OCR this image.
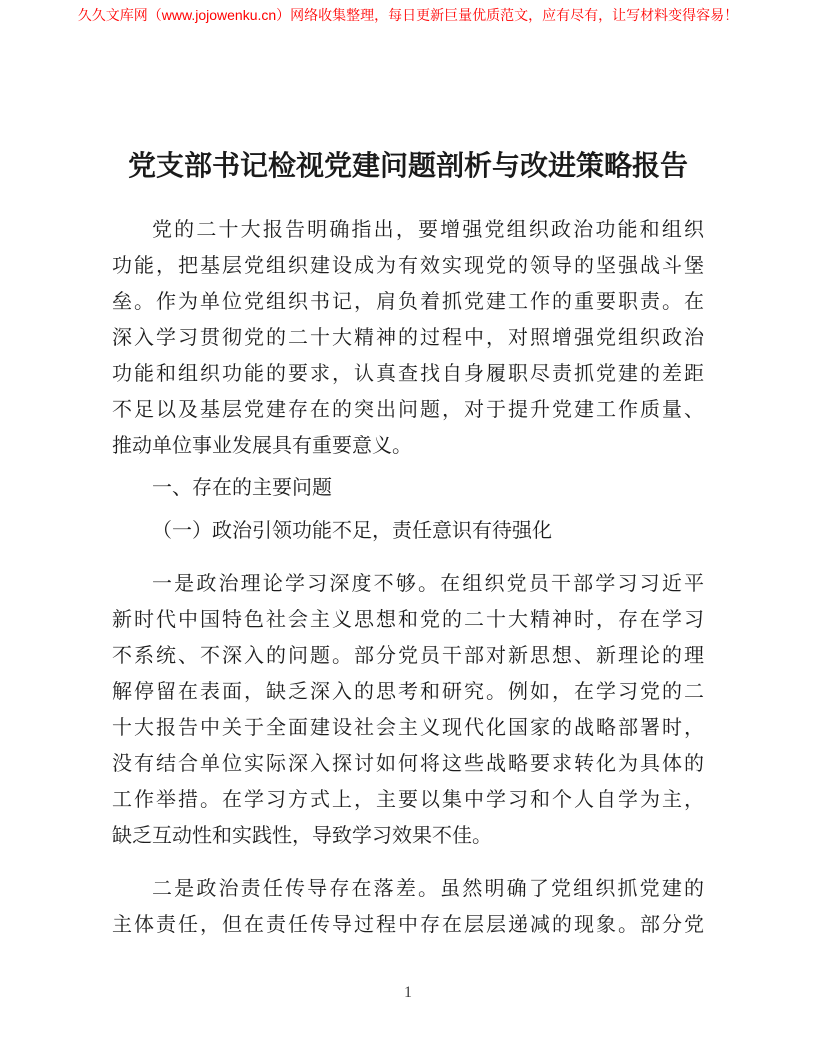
久久文库网（www.jojowenku.cn）网络收集整理，每日更新巨量优质范文，应有尽有，让写材料变得容易！
党支部书记检视党建问题剖析与改进策略报告
党的二十大报告明确指出，要增强党组织政治功能和组织
功能，把基层党组织建设成为有效实现党的领导的坚强战斗堡
垒。作为单位党组织书记，肩负着抓党建工作的重要职责。在
深入学习贯彻党的二十大精神的过程中，对照增强党组织政治
功能和组织功能的要求，认真查找自身履职尽责抓党建的差距
不足以及基层党建存在的突出问题，对于提升党建工作质量、
推动单位事业发展具有重要意义。
一、存在的主要问题
（一）政治引领功能不足，责任意识有待强化
一是政治理论学习深度不够。在组织党员干部学习习近平
新时代中国特色社会主义思想和党的二十大精神时，存在学习
不系统、不深入的问题。部分党员干部对新思想、新理论的理
解停留在表面，缺乏深入的思考和研究。例如，在学习党的二
十大报告中关于全面建设社会主义现代化国家的战略部署时，
没有结合单位实际深入探讨如何将这些战略要求转化为具体的
工作举措。在学习方式上，主要以集中学习和个人自学为主，
缺乏互动性和实践性，导致学习效果不佳。
二是政治责任传导存在落差。虽然明确了党组织抓党建的
主体责任，但在责任传导过程中存在层层递减的现象。部分党
1
